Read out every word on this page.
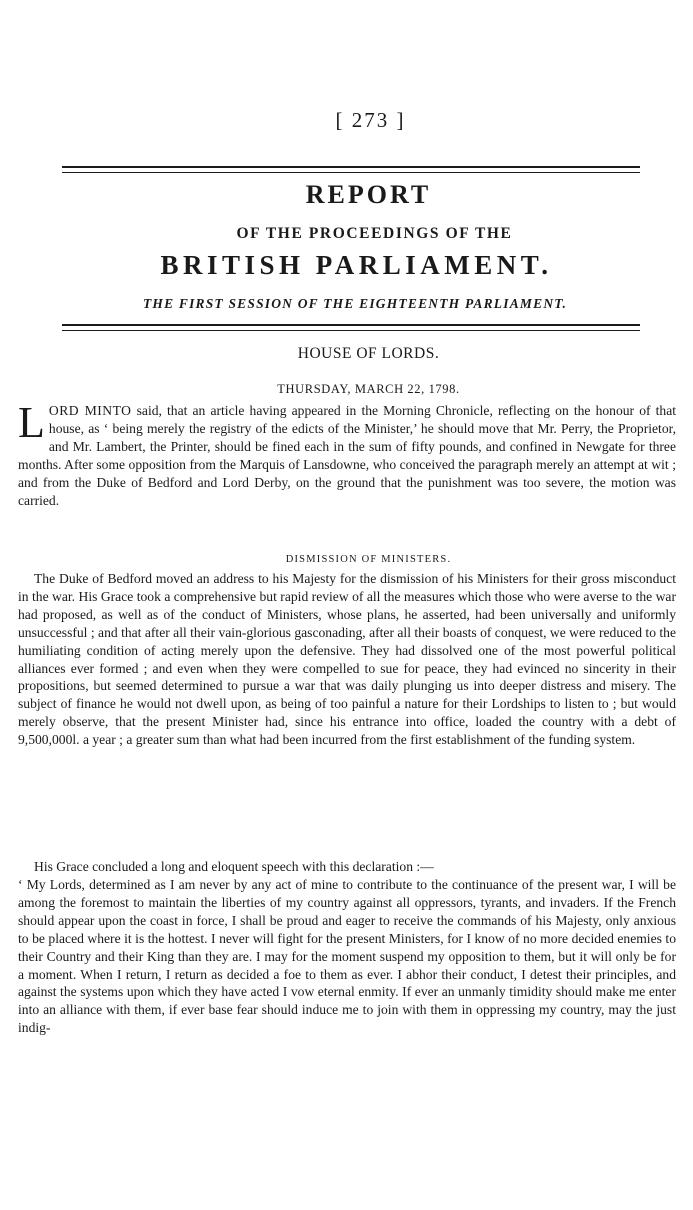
[ 273 ]
REPORT
OF THE PROCEEDINGS OF THE
BRITISH PARLIAMENT.
THE FIRST SESSION OF THE EIGHTEENTH PARLIAMENT.
HOUSE OF LORDS.
THURSDAY, MARCH 22, 1798.
LORD MINTO said, that an article having appeared in the Morning Chronicle, reflecting on the honour of that house, as ‘ being merely the registry of the edicts of the Minister,’ he should move that Mr. Perry, the Proprietor, and Mr. Lambert, the Printer, should be fined each in the sum of fifty pounds, and confined in Newgate for three months. After some opposition from the Marquis of Lansdowne, who conceived the paragraph merely an attempt at wit ; and from the Duke of Bedford and Lord Derby, on the ground that the punishment was too severe, the motion was carried.
DISMISSION OF MINISTERS.
The Duke of Bedford moved an address to his Majesty for the dismission of his Ministers for their gross misconduct in the war. His Grace took a comprehensive but rapid review of all the measures which those who were averse to the war had proposed, as well as of the conduct of Ministers, whose plans, he asserted, had been universally and uniformly unsuccessful ; and that after all their vain-glorious gasconading, after all their boasts of conquest, we were reduced to the humiliating condition of acting merely upon the defensive. They had dissolved one of the most powerful political alliances ever formed ; and even when they were compelled to sue for peace, they had evinced no sincerity in their propositions, but seemed determined to pursue a war that was daily plunging us into deeper distress and misery. The subject of finance he would not dwell upon, as being of too painful a nature for their Lordships to listen to ; but would merely observe, that the present Minister had, since his entrance into office, loaded the country with a debt of 9,500,000l. a year ; a greater sum than what had been incurred from the first establishment of the funding system.
His Grace concluded a long and eloquent speech with this declaration :—
‘ My Lords, determined as I am never by any act of mine to contribute to the continuance of the present war, I will be among the foremost to maintain the liberties of my country against all oppressors, tyrants, and invaders. If the French should appear upon the coast in force, I shall be proud and eager to receive the commands of his Majesty, only anxious to be placed where it is the hottest. I never will fight for the present Ministers, for I know of no more decided enemies to their Country and their King than they are. I may for the moment suspend my opposition to them, but it will only be for a moment. When I return, I return as decided a foe to them as ever. I abhor their conduct, I detest their principles, and against the systems upon which they have acted I vow eternal enmity. If ever an unmanly timidity should make me enter into an alliance with them, if ever base fear should induce me to join with them in oppressing my country, may the just indig-
